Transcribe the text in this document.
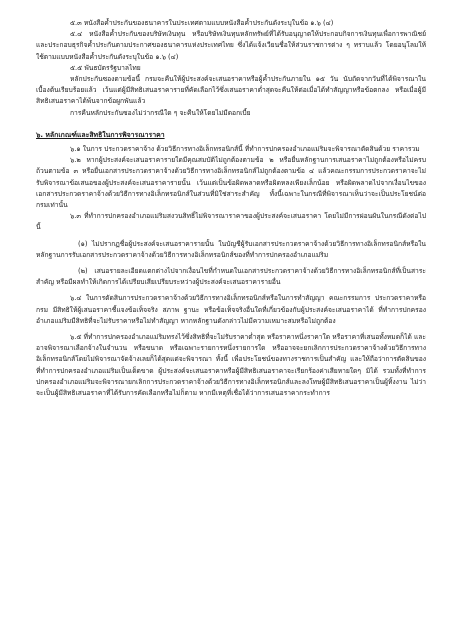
๕.๓ หนังสือค้ำประกันของธนาคารในประเทศตามแบบหนังสือค้ำประกันดังระบุในข้อ ๑.๖ (๔)

๕.๔ หนังสือค้ำประกันของบริษัทเงินทุน หรือบริษัทเงินทุนหลักทรัพย์ที่ได้รับอนุญาตให้ประกอบกิจการเงินทุนเพื่อการพาณิชย์และประกอบธุรกิจค้ำประกันตามประกาศของธนาคารแห่งประเทศไทย ซึ่งได้แจ้งเวียนชื่อให้ส่วนราชการต่าง ๆ ทราบแล้ว โดยอนุโลมให้ใช้ตามแบบหนังสือค้ำประกันดังระบุในข้อ ๑.๖ (๔)

๕.๕ พันธบัตรรัฐบาลไทย

หลักประกันซองตามข้อนี้ กรมจะคืนให้ผู้ประสงค์จะเสนอราคาหรือผู้ค้ำประกันภายใน ๑๕ วัน นับถัดจากวันที่ได้พิจารณาในเบื้องต้นเรียบร้อยแล้ว เว้นแต่ผู้มีสิทธิเสนอราคารายที่คัดเลือกไว้ซึ่งเสนอราคาต่ำสุดจะคืนให้ต่อเมื่อได้ทำสัญญาหรือข้อตกลง หรือเมื่อผู้มีสิทธิเสนอราคาได้พ้นจากข้อผูกพันแล้ว

การคืนหลักประกันซองไม่ว่ากรณีใด ๆ จะคืนให้โดยไม่มีดอกเบี้ย

๖. หลักเกณฑ์และสิทธิในการพิจารณาราคา

๖.๑ ในการ ประกวดราคาจ้าง ด้วยวิธีการทางอิเล็กทรอนิกส์นี้ ที่ทำการปกครองอำเภอแม่ริมจะพิจารณาตัดสินด้วย ราคารวม

๖.๒ หากผู้ประสงค์จะเสนอราคารายใดมีคุณสมบัติไม่ถูกต้องตามข้อ ๒ หรือยื่นหลักฐานการเสนอราคาไม่ถูกต้องหรือไม่ครบถ้วนตามข้อ ๓ หรือยื่นเอกสารประกวดราคาจ้างด้วยวิธีการทางอิเล็กทรอนิกส์ไม่ถูกต้องตามข้อ ๔ แล้วคณะกรรมการประกวดราคาจะไม่รับพิจารณาข้อเสนอของผู้ประสงค์จะเสนอราคารายนั้น เว้นแต่เป็นข้อผิดพลาดหรือผิดหลงเพียงเล็กน้อย หรือผิดพลาดไปจากเงื่อนไขของเอกสารประกวดราคาจ้างด้วยวิธีการทางอิเล็กทรอนิกส์ในส่วนที่มิใช่สาระสำคัญ ทั้งนี้เฉพาะในกรณีที่พิจารณาเห็นว่าจะเป็นประโยชน์ต่อกรมเท่านั้น

๖.๓ ที่ทำการปกครองอำเภอแม่ริมสงวนสิทธิ์ไม่พิจารณาราคาของผู้ประสงค์จะเสนอราคา โดยไม่มีการผ่อนผันในกรณีดังต่อไปนี้

(๑) ไม่ปรากฏชื่อผู้ประสงค์จะเสนอราคารายนั้น ในบัญชีผู้รับเอกสารประกวดราคาจ้างด้วยวิธีการทางอิเล็กทรอนิกส์หรือในหลักฐานการรับเอกสารประกวดราคาจ้างด้วยวิธีการทางอิเล็กทรอนิกส์ของที่ทำการปกครองอำเภอแม่ริม

(๒) เสนอรายละเอียดแตกต่างไปจากเงื่อนไขที่กำหนดในเอกสารประกวดราคาจ้างด้วยวิธีการทางอิเล็กทรอนิกส์ที่เป็นสาระสำคัญ หรือมีผลทำให้เกิดการได้เปรียบเสียเปรียบระหว่างผู้ประสงค์จะเสนอราคารายอื่น

๖.๔ ในการตัดสินการประกวดราคาจ้างด้วยวิธีการทางอิเล็กทรอนิกส์หรือในการทำสัญญา คณะกรรมการ ประกวดราคาหรือกรม มีสิทธิให้ผู้เสนอราคาชี้แจงข้อเท็จจริง สภาพ ฐานะ หรือข้อเท็จจริงอื่นใดที่เกี่ยวข้องกับผู้ประสงค์จะเสนอราคาได้ ที่ทำการปกครองอำเภอแม่ริมมีสิทธิที่จะไม่รับราคาหรือไม่ทำสัญญา หากหลักฐานดังกล่าวไม่มีความเหมาะสมหรือไม่ถูกต้อง

๖.๕ ที่ทำการปกครองอำเภอแม่ริมทรงไว้ซึ่งสิทธิที่จะไม่รับราคาต่ำสุด หรือราคาหนึ่งราคาใด หรือราคาที่เสนอทั้งหมดก็ได้ และอาจพิจารณาเลือกจ้างในจำนวน หรือขนาด หรือเฉพาะรายการหนึ่งรายการใด หรืออาจจะยกเลิกการประกวดราคาจ้างด้วยวิธีการทางอิเล็กทรอนิกส์โดยไม่พิจารณาจัดจ้างเลยก็ได้สุดแต่จะพิจารณา ทั้งนี้ เพื่อประโยชน์ของทางราชการเป็นสำคัญ และให้ถือว่าการตัดสินของที่ทำการปกครองอำเภอแม่ริมเป็นเด็ดขาด ผู้ประสงค์จะเสนอราคาหรือผู้มีสิทธิเสนอราคาจะเรียกร้องค่าเสียหายใดๆ มิได้ รวมทั้งที่ทำการปกครองอำเภอแม่ริมจะพิจารณายกเลิกการประกวดราคาจ้างด้วยวิธีการทางอิเล็กทรอนิกส์และลงโทษผู้มีสิทธิเสนอราคาเป็นผู้ทิ้งงาน ไม่ว่าจะเป็นผู้มีสิทธิเสนอราคาที่ได้รับการคัดเลือกหรือไม่ก็ตาม หากมีเหตุที่เชื่อได้ว่าการเสนอราคากระทำการ
